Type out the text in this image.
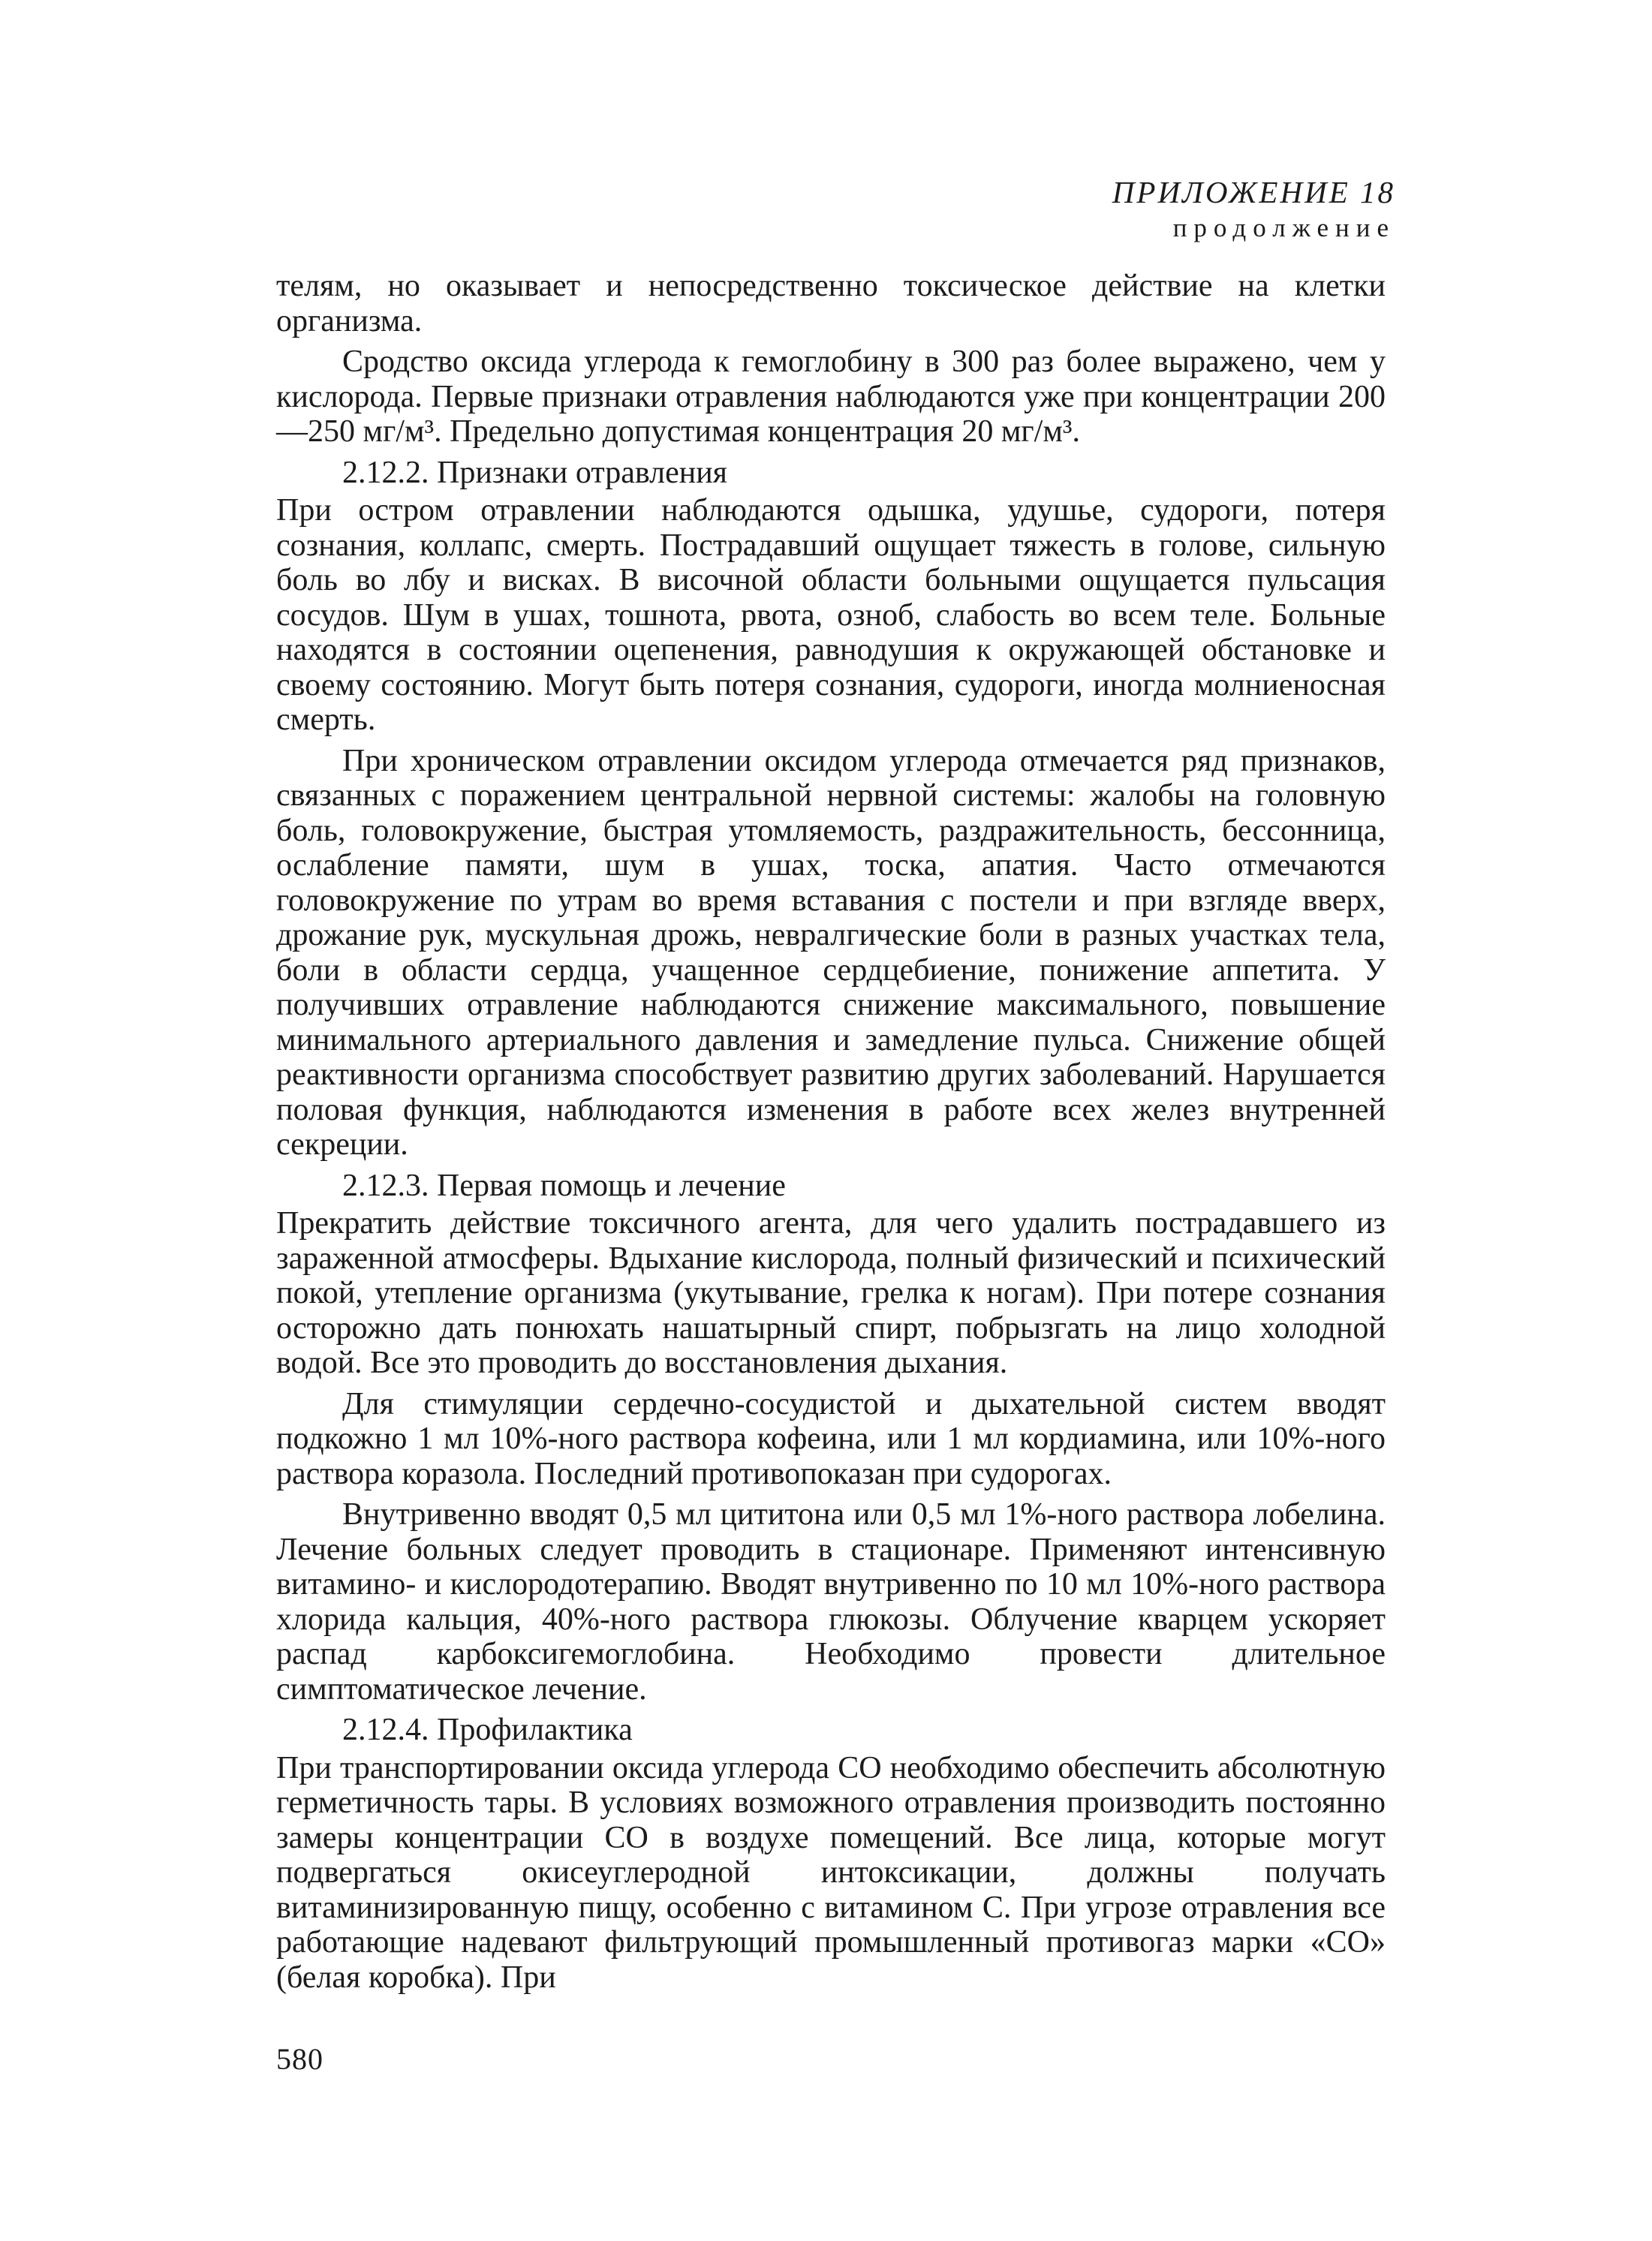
ПРИЛОЖЕНИЕ 18
продолжение

телям, но оказывает и непосредственно токсическое действие на клетки организма.

Сродство оксида углерода к гемоглобину в 300 раз более выражено, чем у кислорода. Первые признаки отравления наблюдаются уже при концентрации 200—250 мг/м³. Предельно допустимая концентрация 20 мг/м³.

2.12.2. Признаки отравления

При остром отравлении наблюдаются одышка, удушье, судороги, потеря сознания, коллапс, смерть. Пострадавший ощущает тяжесть в голове, сильную боль во лбу и висках. В височной области больными ощущается пульсация сосудов. Шум в ушах, тошнота, рвота, озноб, слабость во всем теле. Больные находятся в состоянии оцепенения, равнодушия к окружающей обстановке и своему состоянию. Могут быть потеря сознания, судороги, иногда молниеносная смерть.

При хроническом отравлении оксидом углерода отмечается ряд признаков, связанных с поражением центральной нервной системы: жалобы на головную боль, головокружение, быстрая утомляемость, раздражительность, бессонница, ослабление памяти, шум в ушах, тоска, апатия. Часто отмечаются головокружение по утрам во время вставания с постели и при взгляде вверх, дрожание рук, мускульная дрожь, невралгические боли в разных участках тела, боли в области сердца, учащенное сердцебиение, понижение аппетита. У получивших отравление наблюдаются снижение максимального, повышение минимального артериального давления и замедление пульса. Снижение общей реактивности организма способствует развитию других заболеваний. Нарушается половая функция, наблюдаются изменения в работе всех желез внутренней секреции.

2.12.3. Первая помощь и лечение

Прекратить действие токсичного агента, для чего удалить пострадавшего из зараженной атмосферы. Вдыхание кислорода, полный физический и психический покой, утепление организма (укутывание, грелка к ногам). При потере сознания осторожно дать понюхать нашатырный спирт, побрызгать на лицо холодной водой. Все это проводить до восстановления дыхания.

Для стимуляции сердечно-сосудистой и дыхательной систем вводят подкожно 1 мл 10%-ного раствора кофеина, или 1 мл кордиамина, или 10%-ного раствора коразола. Последний противопоказан при судорогах.

Внутривенно вводят 0,5 мл цититона или 0,5 мл 1%-ного раствора лобелина. Лечение больных следует проводить в стационаре. Применяют интенсивную витамино- и кислородотерапию. Вводят внутривенно по 10 мл 10%-ного раствора хлорида кальция, 40%-ного раствора глюкозы. Облучение кварцем ускоряет распад карбоксигемоглобина. Необходимо провести длительное симптоматическое лечение.

2.12.4. Профилактика

При транспортировании оксида углерода СО необходимо обеспечить абсолютную герметичность тары. В условиях возможного отравления производить постоянно замеры концентрации СО в воздухе помещений. Все лица, которые могут подвергаться окисеуглеродной интоксикации, должны получать витаминизированную пищу, особенно с витамином С. При угрозе отравления все работающие надевают фильтрующий промышленный противогаз марки «СО» (белая коробка). При

580
